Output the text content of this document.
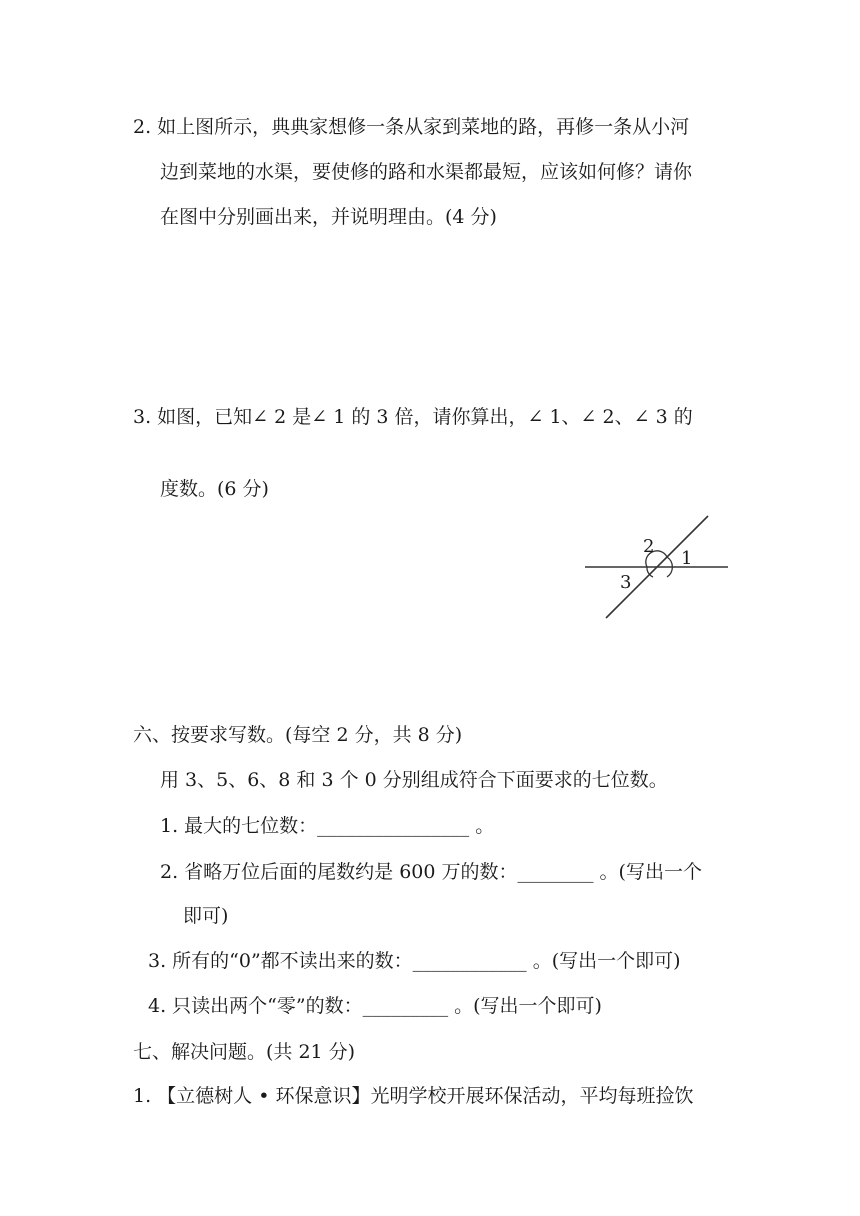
2. 如上图所示，典典家想修一条从家到菜地的路，再修一条从小河
边到菜地的水渠，要使修的路和水渠都最短，应该如何修？请你
在图中分别画出来，并说明理由。(4 分)
3. 如图，已知∠ 2 是∠ 1 的 3 倍，请你算出，∠ 1、∠ 2、∠ 3 的
度数。(6 分)
1
2
3
六、按要求写数。(每空 2 分，共 8 分)
用 3、5、6、8 和 3 个 0 分别组成符合下面要求的七位数。
1. 最大的七位数：________________ 。
2. 省略万位后面的尾数约是 600 万的数：________ 。(写出一个
即可)
3. 所有的“0”都不读出来的数：____________ 。(写出一个即可)
4. 只读出两个“零”的数：_________ 。(写出一个即可)
七、解决问题。(共 21 分)
1. 【立德树人 • 环保意识】光明学校开展环保活动，平均每班捡饮
